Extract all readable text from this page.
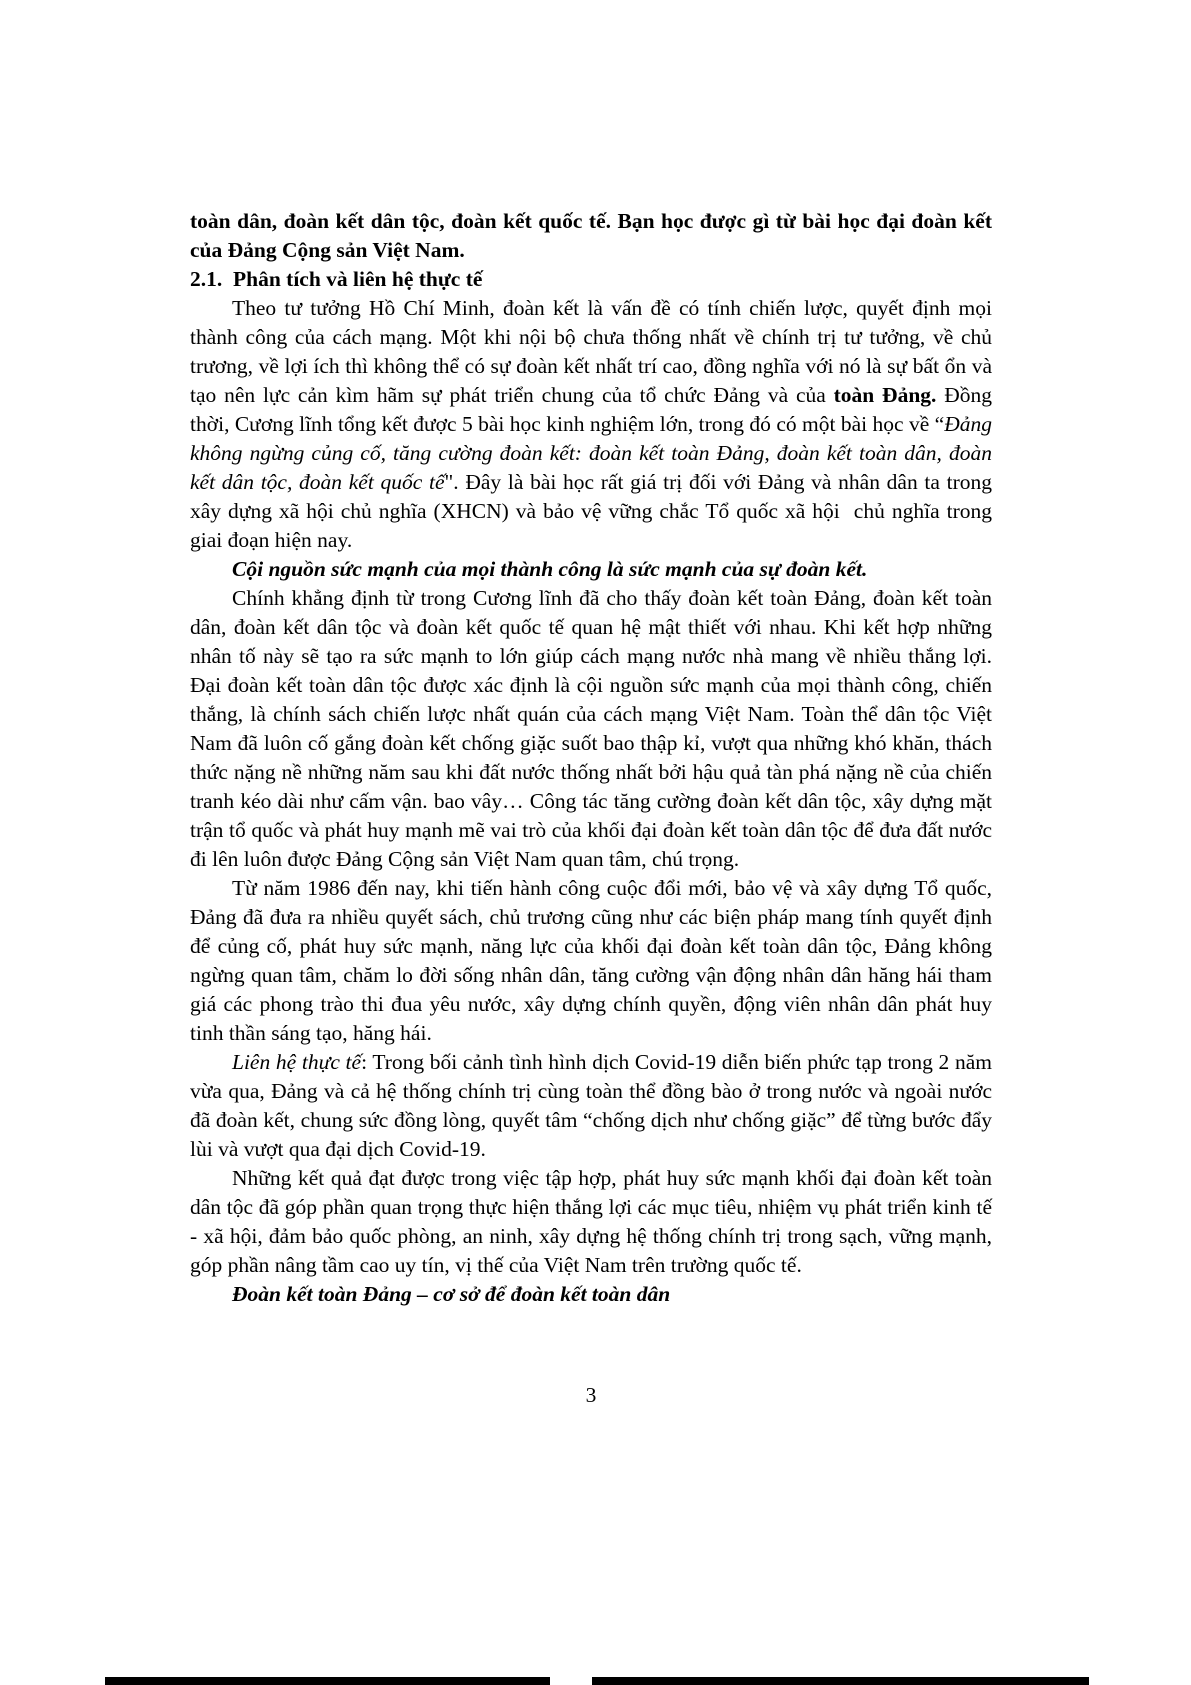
toàn dân, đoàn kết dân tộc, đoàn kết quốc tế. Bạn học được gì từ bài học đại đoàn kết của Đảng Cộng sản Việt Nam.

2.1.  Phân tích và liên hệ thực tế

Theo tư tưởng Hồ Chí Minh, đoàn kết là vấn đề có tính chiến lược, quyết định mọi thành công của cách mạng. Một khi nội bộ chưa thống nhất về chính trị tư tưởng, về chủ trương, về lợi ích thì không thể có sự đoàn kết nhất trí cao, đồng nghĩa với nó là sự bất ổn và tạo nên lực cản kìm hãm sự phát triển chung của tổ chức Đảng và của toàn Đảng. Đồng thời, Cương lĩnh tổng kết được 5 bài học kinh nghiệm lớn, trong đó có một bài học về “Đảng không ngừng củng cố, tăng cường đoàn kết: đoàn kết toàn Đảng, đoàn kết toàn dân, đoàn kết dân tộc, đoàn kết quốc tế". Đây là bài học rất giá trị đối với Đảng và nhân dân ta trong xây dựng xã hội chủ nghĩa (XHCN) và bảo vệ vững chắc Tổ quốc xã hội  chủ nghĩa trong giai đoạn hiện nay.

Cội nguồn sức mạnh của mọi thành công là sức mạnh của sự đoàn kết.

Chính khẳng định từ trong Cương lĩnh đã cho thấy đoàn kết toàn Đảng, đoàn kết toàn dân, đoàn kết dân tộc và đoàn kết quốc tế quan hệ mật thiết với nhau. Khi kết hợp những nhân tố này sẽ tạo ra sức mạnh to lớn giúp cách mạng nước nhà mang về nhiều thắng lợi. Đại đoàn kết toàn dân tộc được xác định là cội nguồn sức mạnh của mọi thành công, chiến thắng, là chính sách chiến lược nhất quán của cách mạng Việt Nam. Toàn thể dân tộc Việt Nam đã luôn cố gắng đoàn kết chống giặc suốt bao thập kỉ, vượt qua những khó khăn, thách thức nặng nề những năm sau khi đất nước thống nhất bởi hậu quả tàn phá nặng nề của chiến tranh kéo dài như cấm vận. bao vây… Công tác tăng cường đoàn kết dân tộc, xây dựng mặt trận tổ quốc và phát huy mạnh mẽ vai trò của khối đại đoàn kết toàn dân tộc để đưa đất nước đi lên luôn được Đảng Cộng sản Việt Nam quan tâm, chú trọng.

Từ năm 1986 đến nay, khi tiến hành công cuộc đổi mới, bảo vệ và xây dựng Tổ quốc, Đảng đã đưa ra nhiều quyết sách, chủ trương cũng như các biện pháp mang tính quyết định để củng cố, phát huy sức mạnh, năng lực của khối đại đoàn kết toàn dân tộc, Đảng không ngừng quan tâm, chăm lo đời sống nhân dân, tăng cường vận động nhân dân hăng hái tham giá các phong trào thi đua yêu nước, xây dựng chính quyền, động viên nhân dân phát huy tinh thần sáng tạo, hăng hái.

Liên hệ thực tế: Trong bối cảnh tình hình dịch Covid-19 diễn biến phức tạp trong 2 năm vừa qua, Đảng và cả hệ thống chính trị cùng toàn thể đồng bào ở trong nước và ngoài nước đã đoàn kết, chung sức đồng lòng, quyết tâm “chống dịch như chống giặc” để từng bước đẩy lùi và vượt qua đại dịch Covid-19.

Những kết quả đạt được trong việc tập hợp, phát huy sức mạnh khối đại đoàn kết toàn dân tộc đã góp phần quan trọng thực hiện thắng lợi các mục tiêu, nhiệm vụ phát triển kinh tế - xã hội, đảm bảo quốc phòng, an ninh, xây dựng hệ thống chính trị trong sạch, vững mạnh, góp phần nâng tầm cao uy tín, vị thế của Việt Nam trên trường quốc tế.

Đoàn kết toàn Đảng – cơ sở để đoàn kết toàn dân

3
